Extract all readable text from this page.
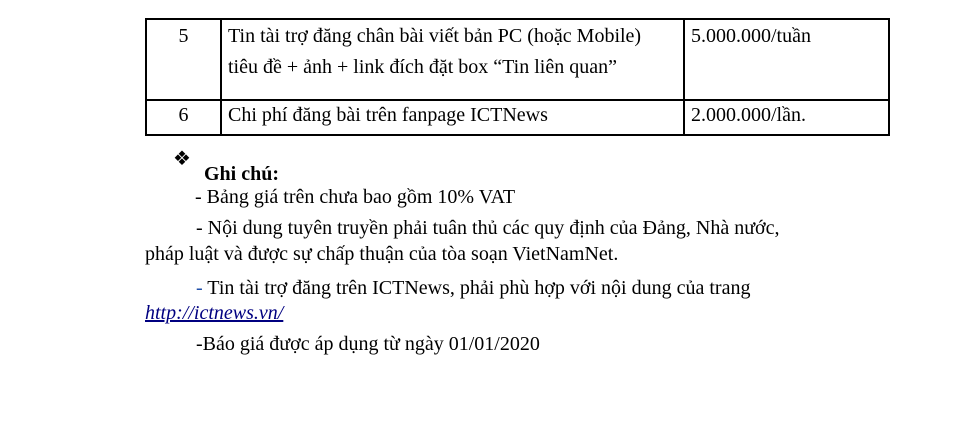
5	Tin tài trợ đăng chân bài viết bản PC (hoặc Mobile)
tiêu đề + ảnh + link đích đặt box “Tin liên quan”	5.000.000/tuần
6	Chi phí đăng bài trên fanpage ICTNews	2.000.000/lần.
❖
Ghi chú:
- Bảng giá trên chưa bao gồm 10% VAT
- Nội dung tuyên truyền phải tuân thủ các quy định của Đảng, Nhà nước,
pháp luật và được sự chấp thuận của tòa soạn VietNamNet.
- Tin tài trợ đăng trên ICTNews, phải phù hợp với nội dung của trang
http://ictnews.vn/
-Báo giá được áp dụng từ ngày 01/01/2020
